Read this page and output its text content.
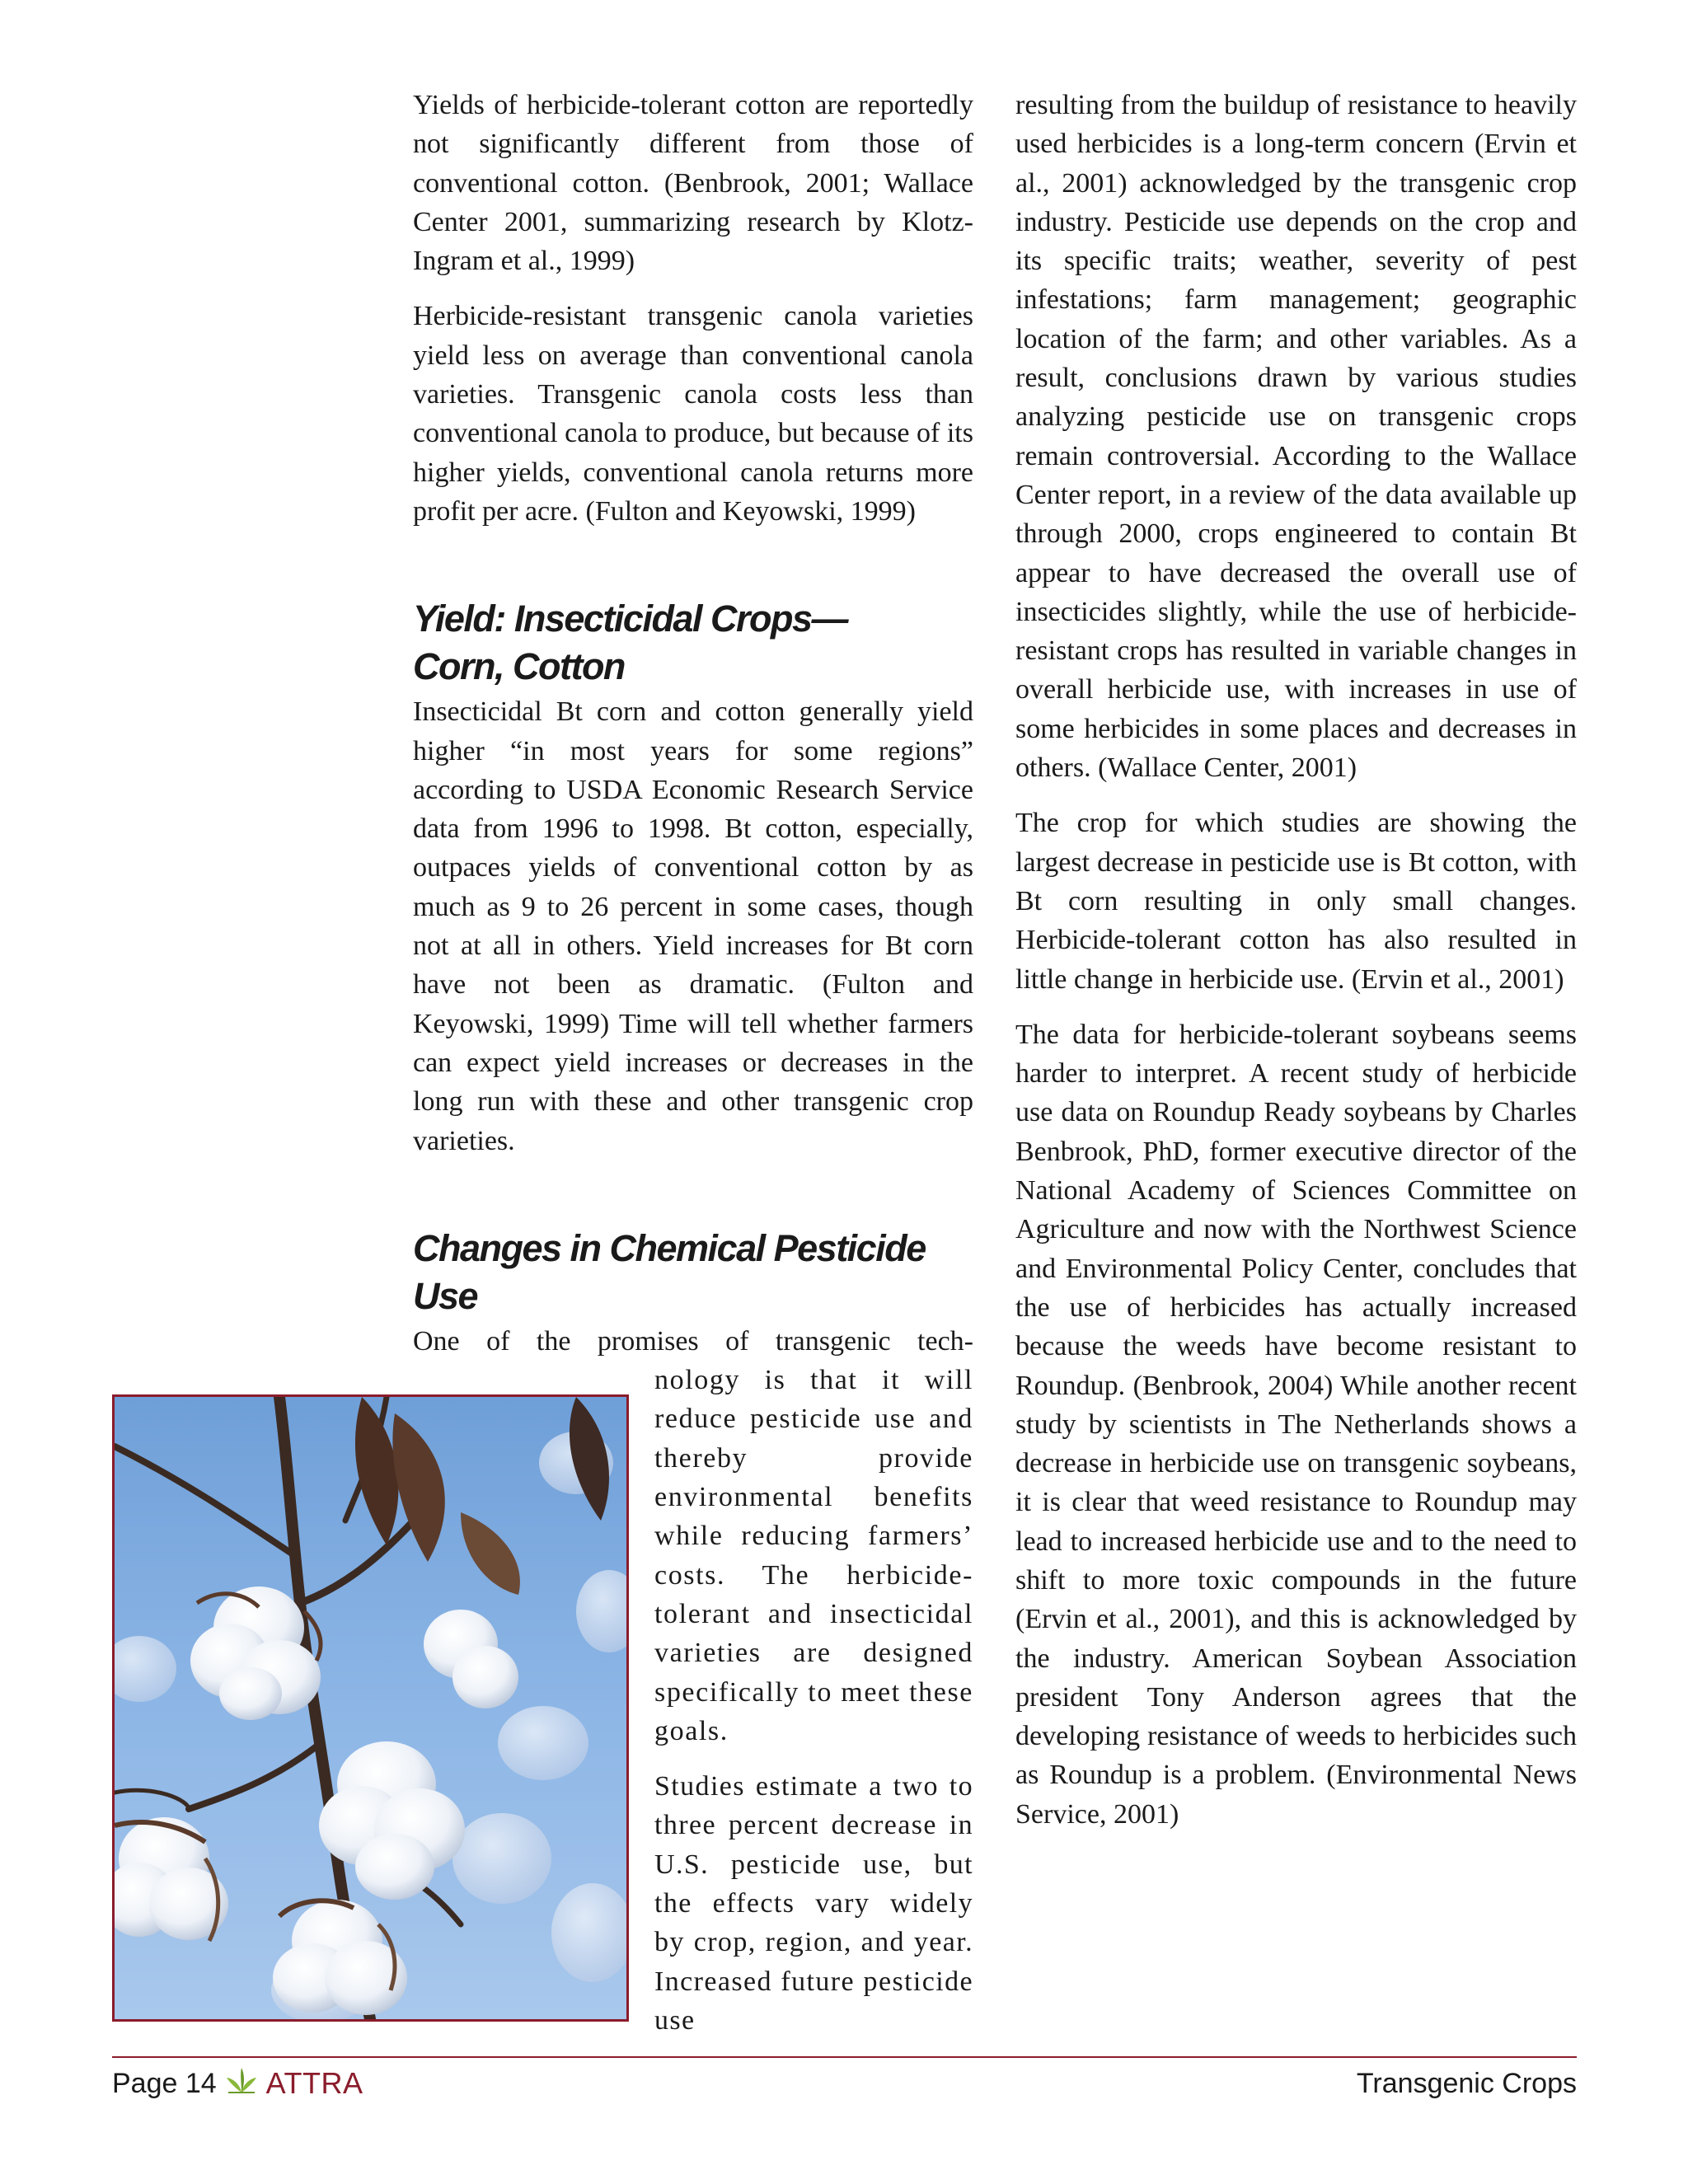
Yields of herbicide-tolerant cotton are reportedly not significantly different from those of conventional cotton. (Benbrook, 2001; Wallace Center 2001, summarizing research by Klotz-Ingram et al., 1999)

Herbicide-resistant transgenic canola varieties yield less on average than conventional canola varieties. Transgenic canola costs less than conventional canola to produce, but because of its higher yields, conventional canola returns more profit per acre. (Fulton and Keyowski, 1999)

Yield: Insecticidal Crops—
Corn, Cotton

Insecticidal Bt corn and cotton generally yield higher “in most years for some regions” according to USDA Economic Research Service data from 1996 to 1998. Bt cotton, especially, outpaces yields of conventional cotton by as much as 9 to 26 percent in some cases, though not at all in others. Yield increases for Bt corn have not been as dramatic. (Fulton and Keyowski, 1999) Time will tell whether farmers can expect yield increases or decreases in the long run with these and other transgenic crop varieties.

Changes in Chemical Pesticide Use

One of the promises of transgenic tech-

nology is that it will reduce pesticide use and thereby provide environmental benefits while reducing farmers’ costs. The herbicide-tolerant and insecticidal varieties are designed specifically to meet these goals.

Studies estimate a two to three percent decrease in U.S. pesticide use, but the effects vary widely by crop, region, and year. Increased future pesticide use

resulting from the buildup of resistance to heavily used herbicides is a long-term concern (Ervin et al., 2001) acknowledged by the transgenic crop industry. Pesticide use depends on the crop and its specific traits; weather, severity of pest infestations; farm management; geographic location of the farm; and other variables. As a result, conclusions drawn by various studies analyzing pesticide use on transgenic crops remain controversial. According to the Wallace Center report, in a review of the data available up through 2000, crops engineered to contain Bt appear to have decreased the overall use of insecticides slightly, while the use of herbicide-resistant crops has resulted in variable changes in overall herbicide use, with increases in use of some herbicides in some places and decreases in others. (Wallace Center, 2001)

The crop for which studies are showing the largest decrease in pesticide use is Bt cotton, with Bt corn resulting in only small changes. Herbicide-tolerant cotton has also resulted in little change in herbicide use. (Ervin et al., 2001)

The data for herbicide-tolerant soybeans seems harder to interpret. A recent study of herbicide use data on Roundup Ready soybeans by Charles Benbrook, PhD, former executive director of the National Academy of Sciences Committee on Agriculture and now with the Northwest Science and Environmental Policy Center, concludes that the use of herbicides has actually increased because the weeds have become resistant to Roundup. (Benbrook, 2004) While another recent study by scientists in The Netherlands shows a decrease in herbicide use on transgenic soybeans, it is clear that weed resistance to Roundup may lead to increased herbicide use and to the need to shift to more toxic compounds in the future (Ervin et al., 2001), and this is acknowledged by the industry. American Soybean Association president Tony Anderson agrees that the developing resistance of weeds to herbicides such as Roundup is a problem. (Environmental News Service, 2001)

Page 14 ATTRA	Transgenic Crops
